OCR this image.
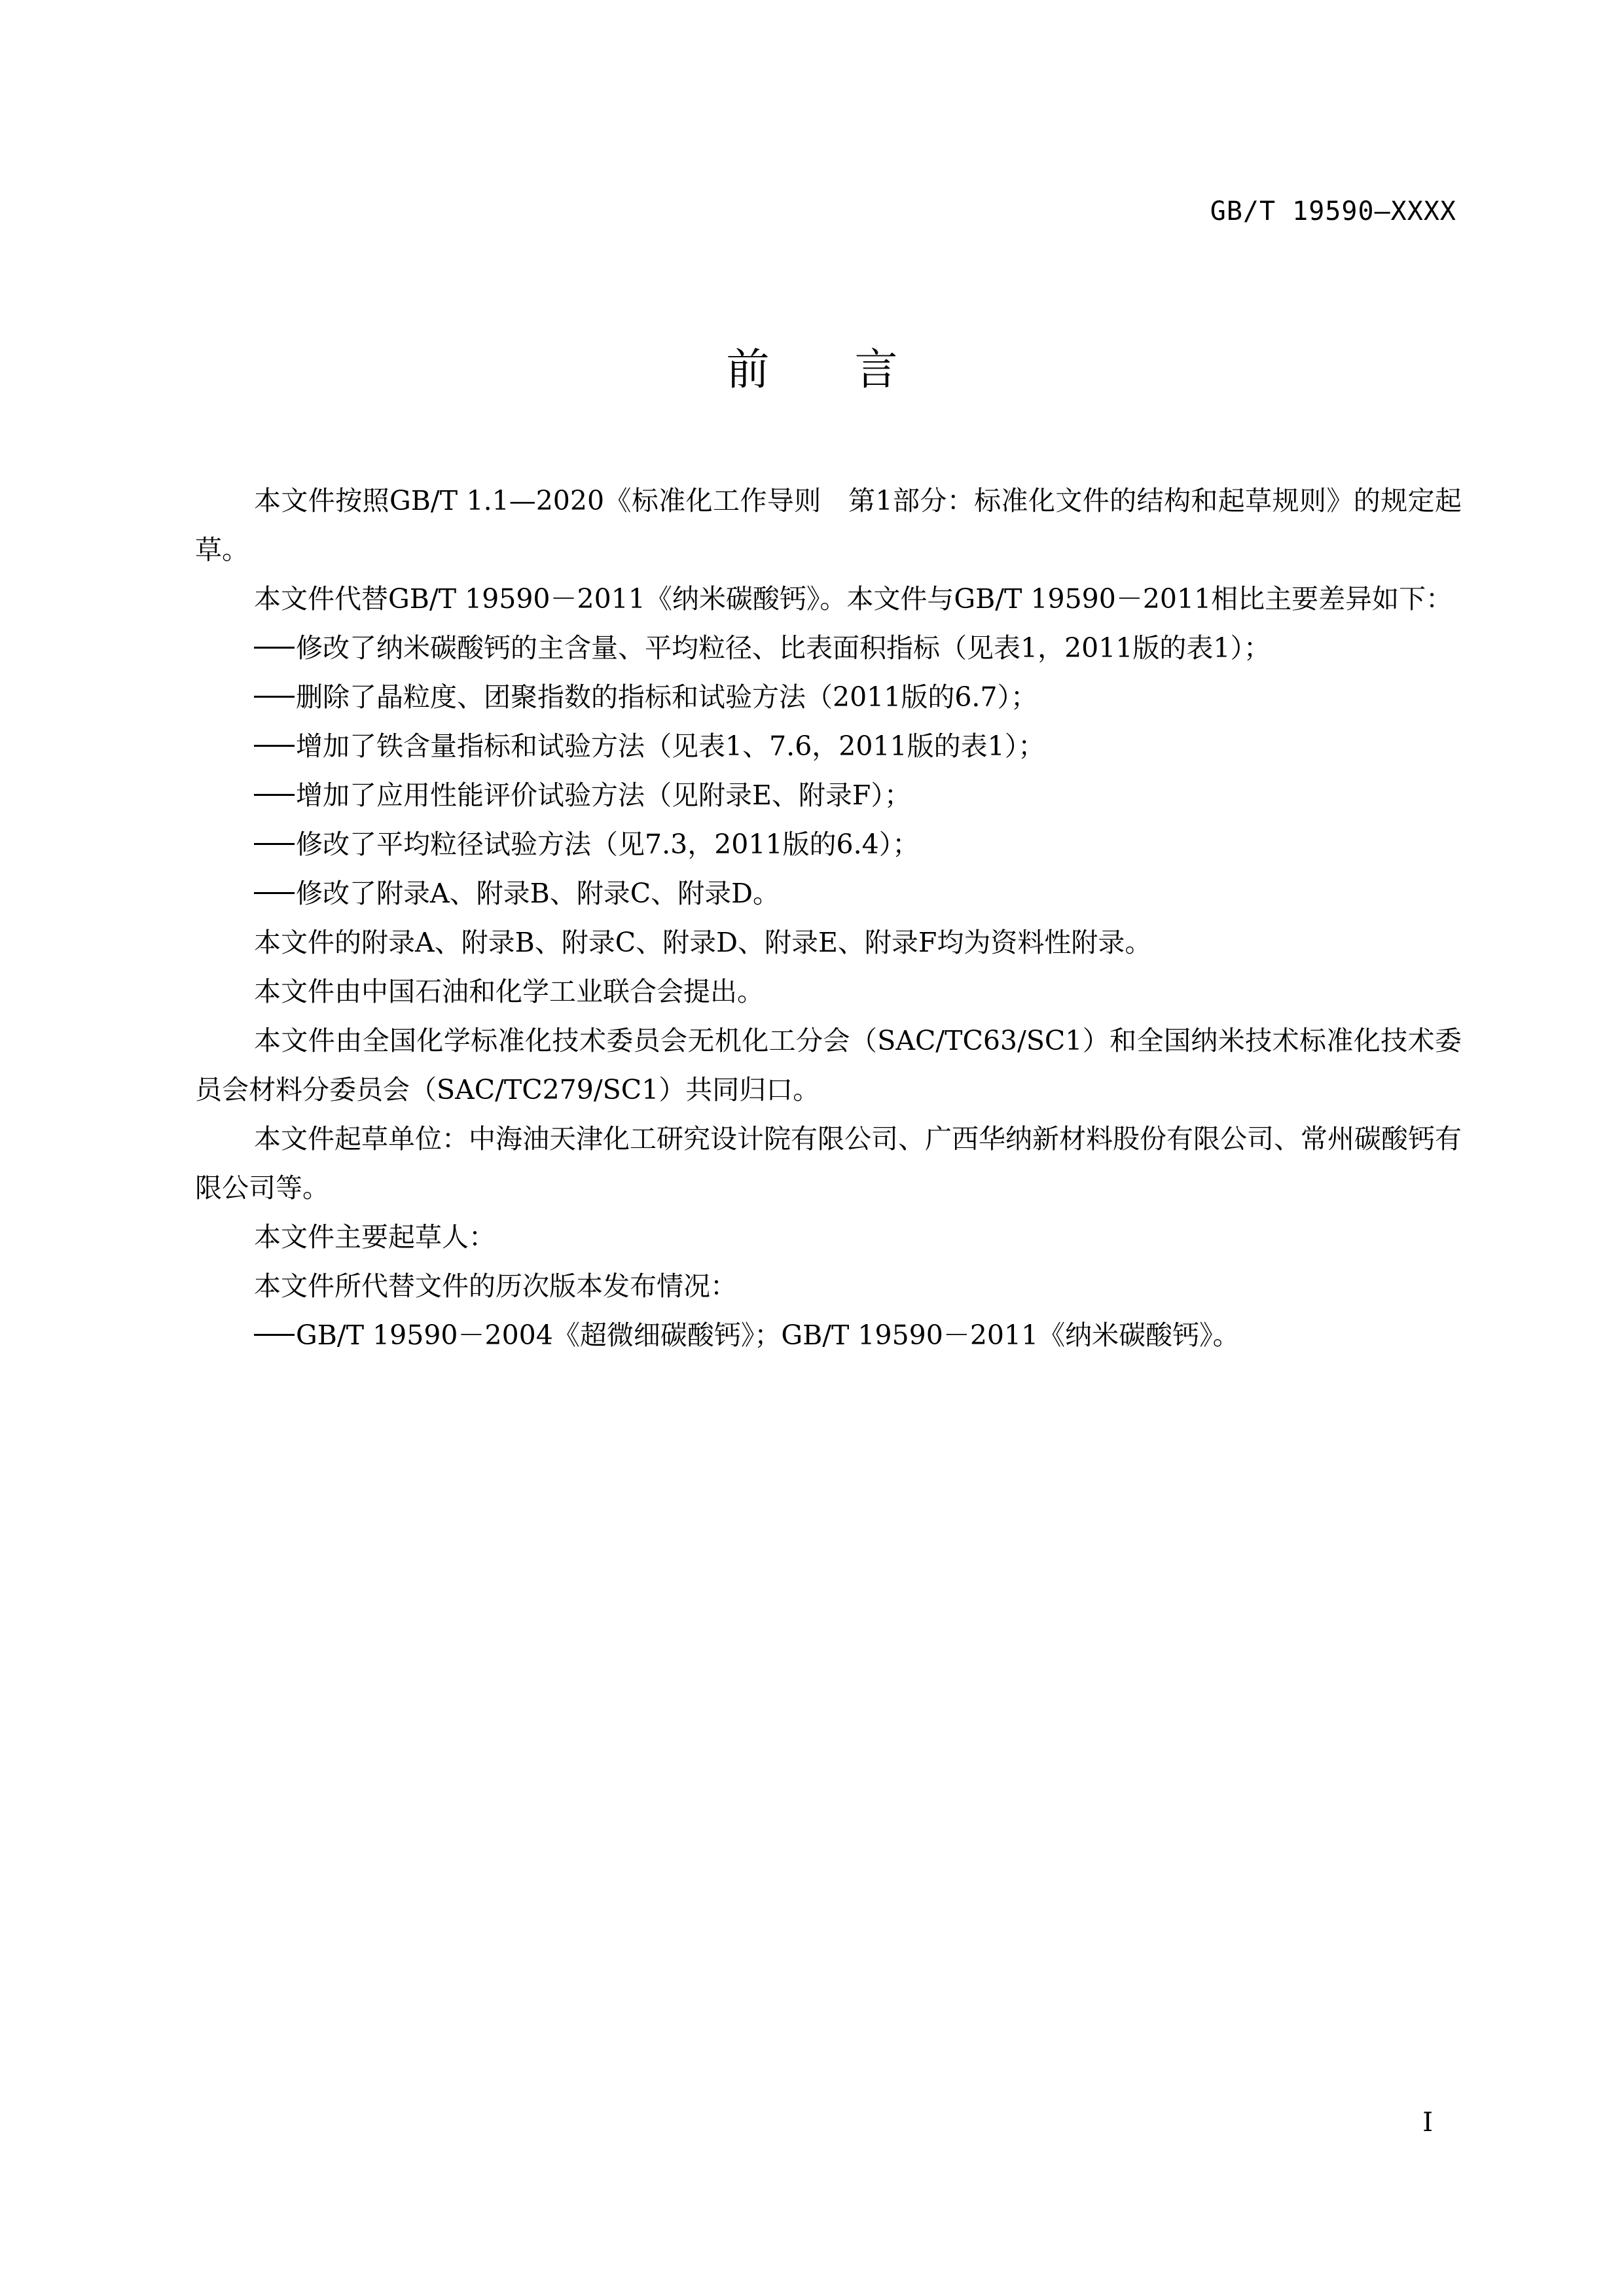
GB/T 19590—XXXX
前言

本文件按照GB/T 1.1—2020《标准化工作导则　第1部分：标准化文件的结构和起草规则》的规定起草。

本文件代替GB/T 19590－2011《纳米碳酸钙》。本文件与GB/T 19590－2011相比主要差异如下：

修改了纳米碳酸钙的主含量、平均粒径、比表面积指标（见表1，2011版的表1）；

删除了晶粒度、团聚指数的指标和试验方法（2011版的6.7）；

增加了铁含量指标和试验方法（见表1、7.6，2011版的表1）；

增加了应用性能评价试验方法（见附录E、附录F）；

修改了平均粒径试验方法（见7.3，2011版的6.4）；

修改了附录A、附录B、附录C、附录D。

本文件的附录A、附录B、附录C、附录D、附录E、附录F均为资料性附录。

本文件由中国石油和化学工业联合会提出。

本文件由全国化学标准化技术委员会无机化工分会（SAC/TC63/SC1）和全国纳米技术标准化技术委员会材料分委员会（SAC/TC279/SC1）共同归口。

本文件起草单位：中海油天津化工研究设计院有限公司、广西华纳新材料股份有限公司、常州碳酸钙有限公司等。

本文件主要起草人：

本文件所代替文件的历次版本发布情况：

GB/T 19590－2004《超微细碳酸钙》；GB/T 19590－2011《纳米碳酸钙》。

I
